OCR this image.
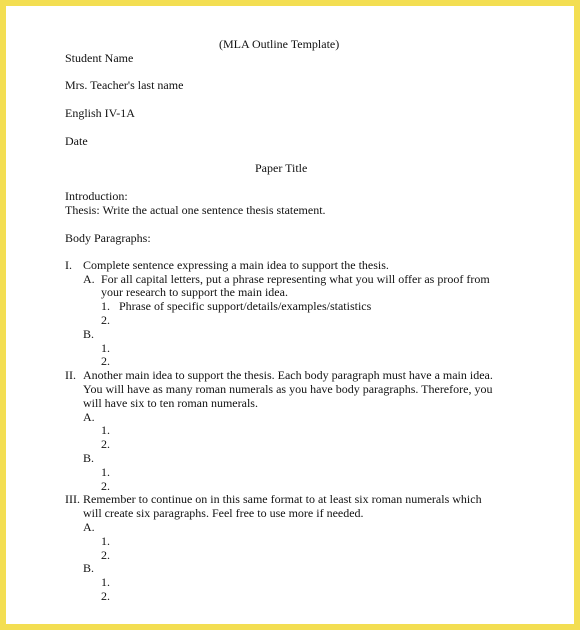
(MLA Outline Template)
Student Name
Mrs. Teacher's last name
English IV-1A
Date
Paper Title
Introduction:
Thesis: Write the actual one sentence thesis statement.
Body Paragraphs:
I. Complete sentence expressing a main idea to support the thesis.
A. For all capital letters, put a phrase representing what you will offer as proof from
your research to support the main idea.
1. Phrase of specific support/details/examples/statistics
2.
B.
1.
2.
II. Another main idea to support the thesis. Each body paragraph must have a main idea.
You will have as many roman numerals as you have body paragraphs. Therefore, you
will have six to ten roman numerals.
A.
1.
2.
B.
1.
2.
III. Remember to continue on in this same format to at least six roman numerals which
will create six paragraphs. Feel free to use more if needed.
A.
1.
2.
B.
1.
2.
